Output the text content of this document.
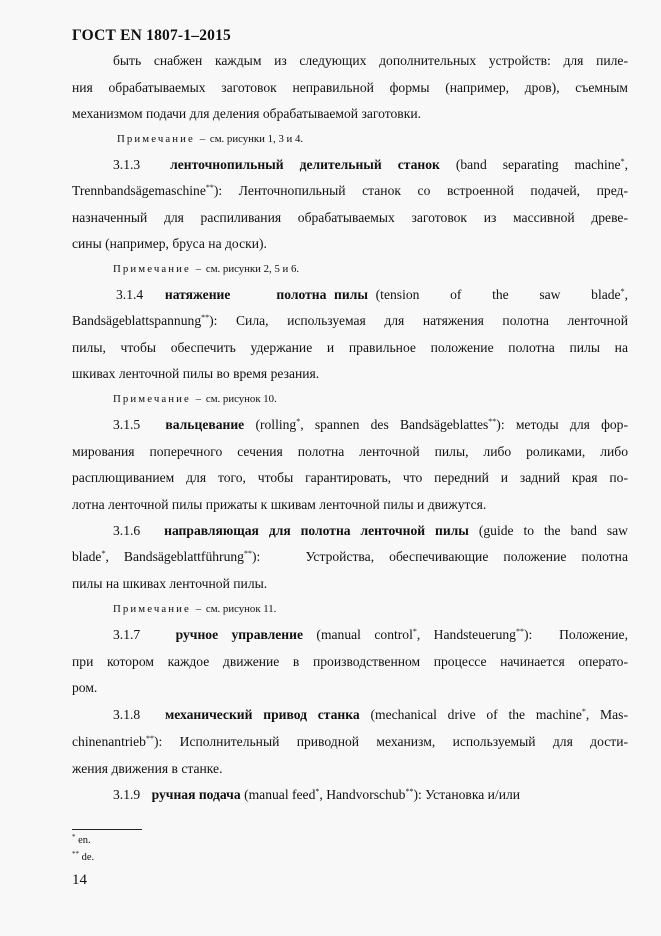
ГОСТ EN 1807-1–2015
быть снабжен каждым из следующих дополнительных устройств: для пиле-
ния обрабатываемых заготовок неправильной формы (например, дров), съемным
механизмом подачи для деления обрабатываемой заготовки.
Примечание – см. рисунки 1, 3 и 4.
3.1.3 ленточнопильный делительный станок (band separating machine*,
Trennbandsägemaschine**): Ленточнопильный станок со встроенной подачей, пред-
назначенный для распиливания обрабатываемых заготовок из массивной древе-
сины (например, бруса на доски).
Примечание – см. рисунки 2, 5 и 6.
3.1.4 натяжение      полотна пилы (tension    of    the    saw    blade*,
Bandsägeblattspannung**): Сила, используемая для натяжения полотна ленточной
пилы, чтобы обеспечить удержание и правильное положение полотна пилы на
шкивах ленточной пилы во время резания.
Примечание – см. рисунок 10.
3.1.5 вальцевание (rolling*, spannen des Bandsägeblattes**): методы для фор-
мирования поперечного сечения полотна ленточной пилы, либо роликами, либо
расплющиванием для того, чтобы гарантировать, что передний и задний края по-
лотна ленточной пилы прижаты к шкивам ленточной пилы и движутся.
3.1.6 направляющая для полотна ленточной пилы (guide to the band saw
blade*, Bandsägeblattführung**):   Устройства, обеспечивающие положение полотна
пилы на шкивах ленточной пилы.
Примечание – см. рисунок 11.
3.1.7	ручное управление (manual control*, Handsteuerung**):  Положение,
при котором каждое движение в производственном процессе начинается операто-
ром.
3.1.8 механический привод станка (mechanical drive of the machine*, Mas-
chinenantrieb**): Исполнительный приводной механизм, используемый для дости-
жения движения в станке.
3.1.9 ручная подача (manual feed*, Handvorschub**): Установка и/или
* en.
** de.
14
